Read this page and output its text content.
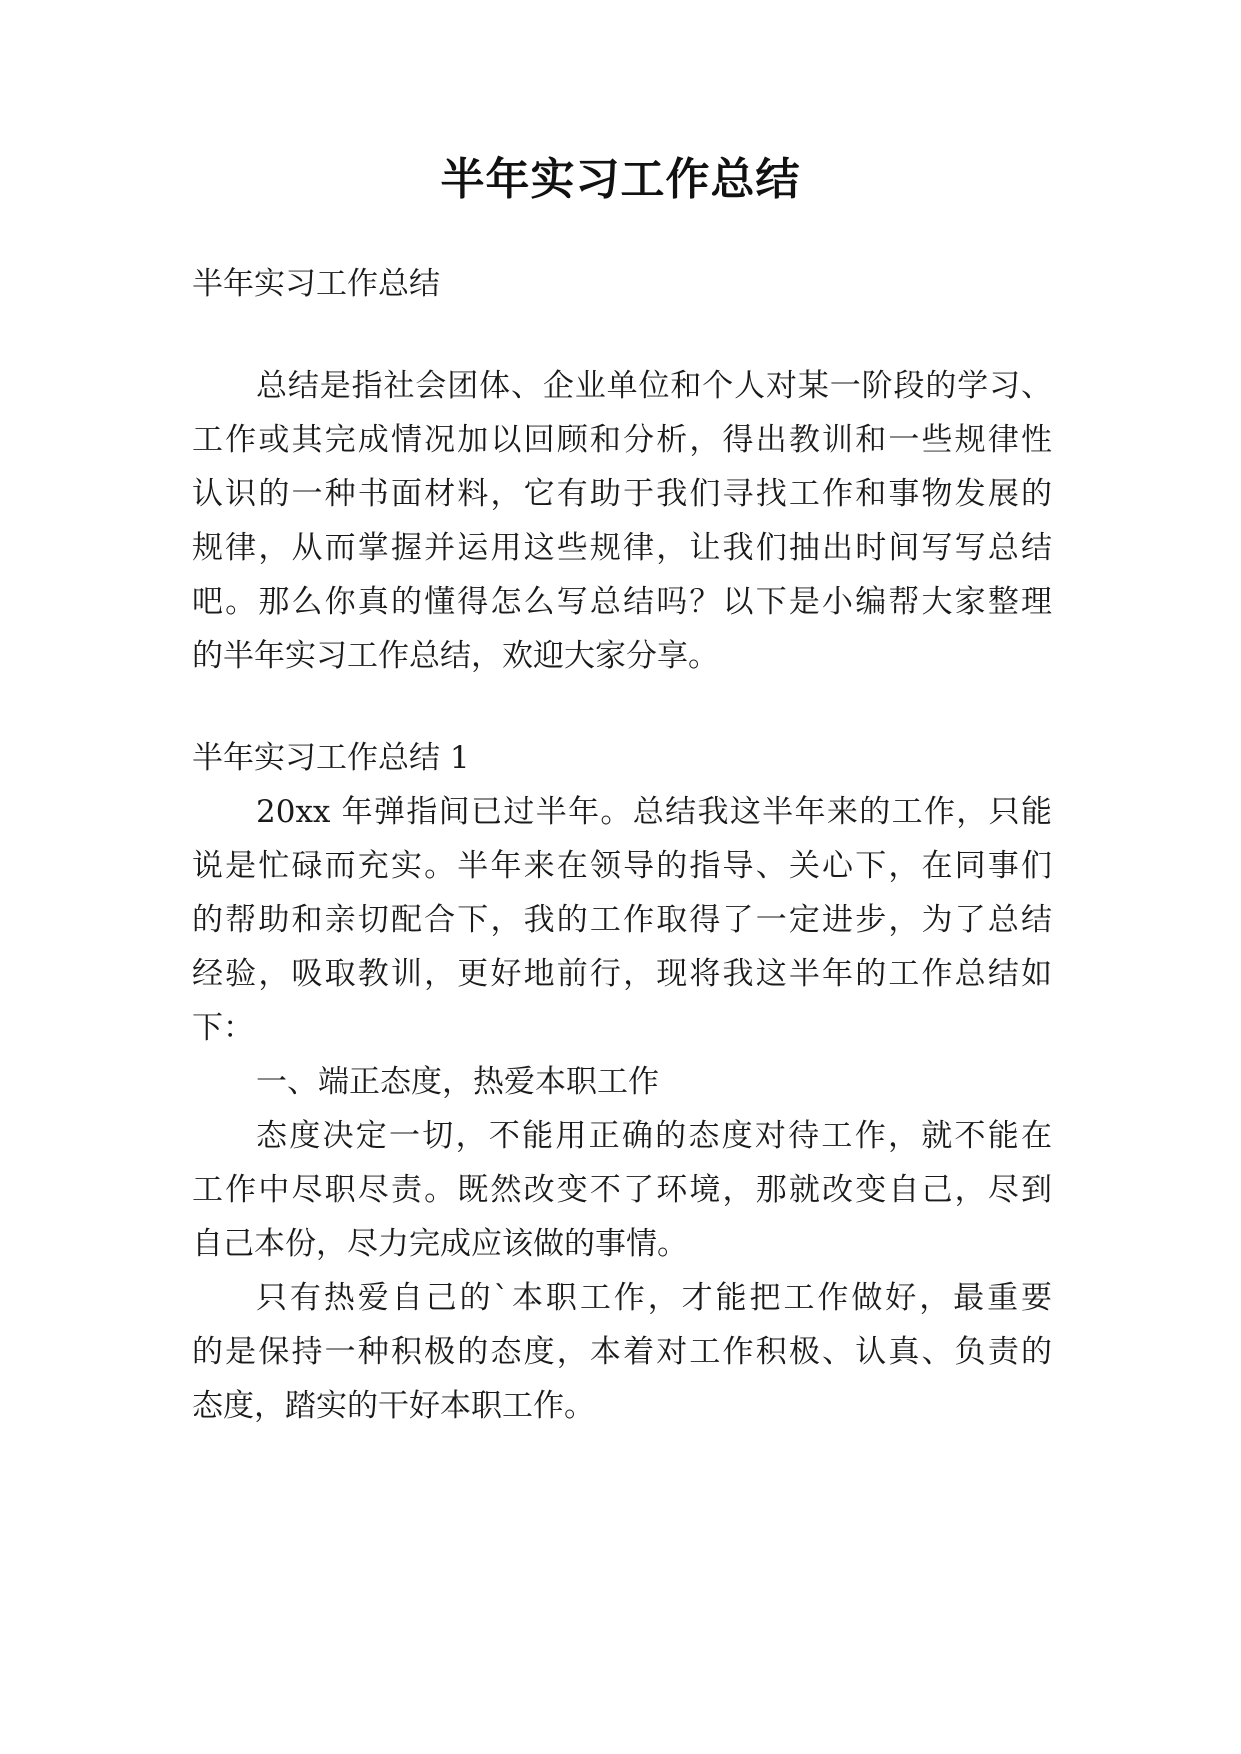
半年实习工作总结
半年实习工作总结
总结是指社会团体、企业单位和个人对某一阶段的学习、
工作或其完成情况加以回顾和分析，得出教训和一些规律性
认识的一种书面材料，它有助于我们寻找工作和事物发展的
规律，从而掌握并运用这些规律，让我们抽出时间写写总结
吧。那么你真的懂得怎么写总结吗？以下是小编帮大家整理
的半年实习工作总结，欢迎大家分享。
半年实习工作总结 1
20xx 年弹指间已过半年。总结我这半年来的工作，只能
说是忙碌而充实。半年来在领导的指导、关心下，在同事们
的帮助和亲切配合下，我的工作取得了一定进步，为了总结
经验，吸取教训，更好地前行，现将我这半年的工作总结如
下：
一、端正态度，热爱本职工作
态度决定一切，不能用正确的态度对待工作，就不能在
工作中尽职尽责。既然改变不了环境，那就改变自己，尽到
自己本份，尽力完成应该做的事情。
只有热爱自己的`本职工作，才能把工作做好，最重要
的是保持一种积极的态度，本着对工作积极、认真、负责的
态度，踏实的干好本职工作。
